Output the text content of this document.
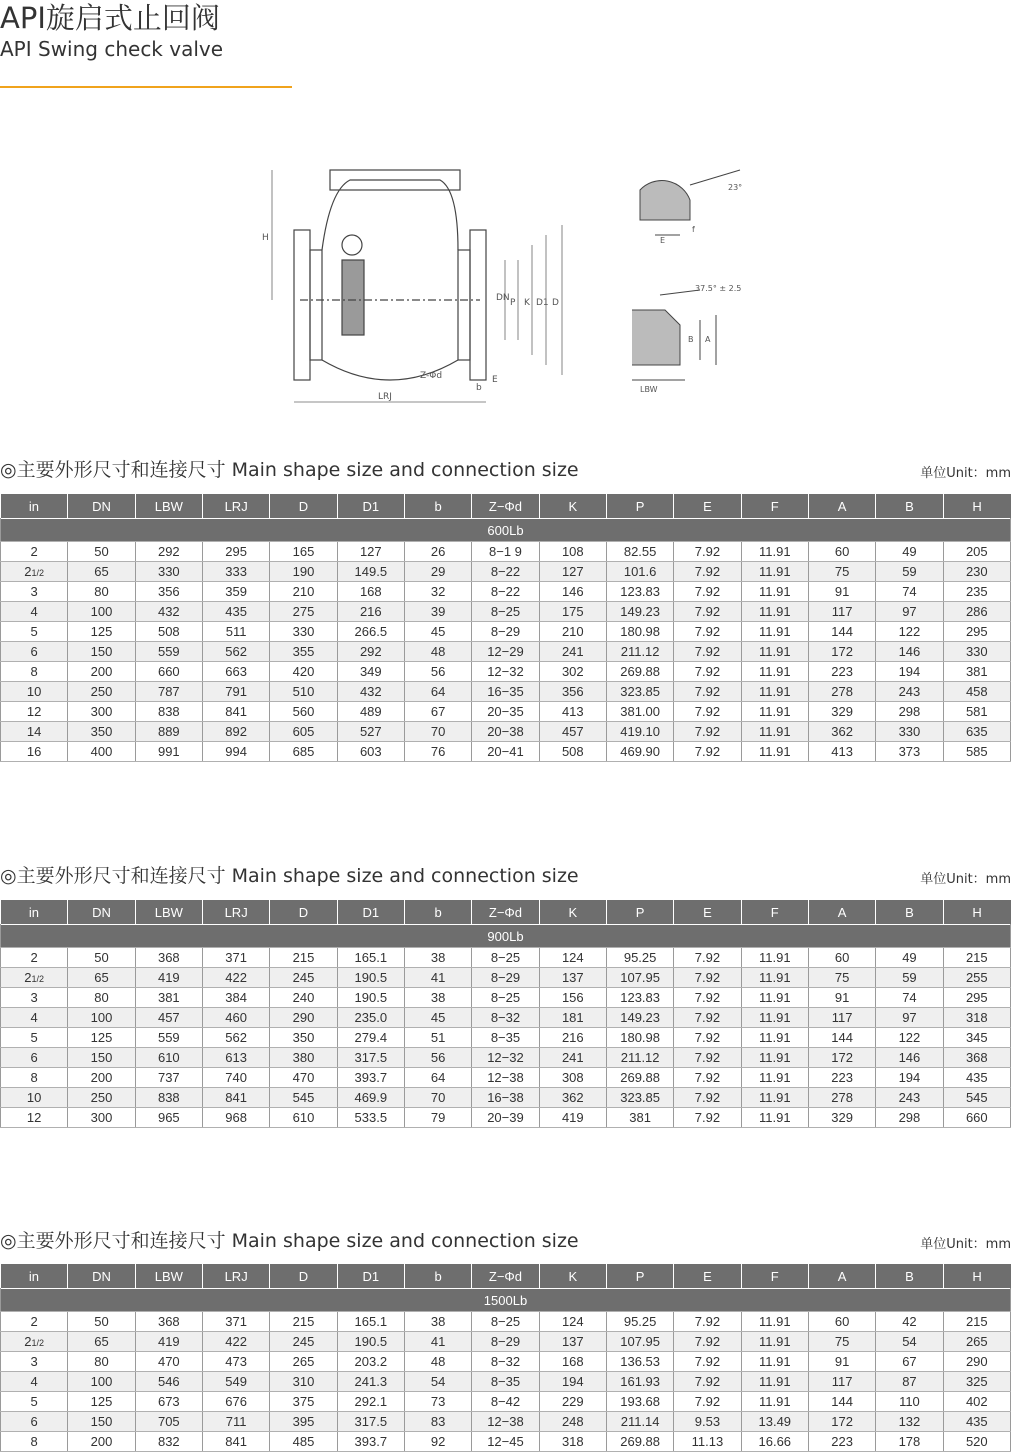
API旋启式止回阀
API Swing check valve
H
DN P K D1 D
Z-Φd
LRJ
b
E
23°
E
f
37.5° ± 2.5
B A
LBW
◎主要外形尺寸和连接尺寸 Main shape size and connection size	单位Unit：mm
in	DN	LBW	LRJ	D	D1	b	Z−Φd	K	P	E	F	A	B	H
600Lb														
2	50	292	295	165	127	26	8−1 9	108	82.55	7.92	11.91	60	49	205
21/2	65	330	333	190	149.5	29	8−22	127	101.6	7.92	11.91	75	59	230
3	80	356	359	210	168	32	8−22	146	123.83	7.92	11.91	91	74	235
4	100	432	435	275	216	39	8−25	175	149.23	7.92	11.91	117	97	286
5	125	508	511	330	266.5	45	8−29	210	180.98	7.92	11.91	144	122	295
6	150	559	562	355	292	48	12−29	241	211.12	7.92	11.91	172	146	330
8	200	660	663	420	349	56	12−32	302	269.88	7.92	11.91	223	194	381
10	250	787	791	510	432	64	16−35	356	323.85	7.92	11.91	278	243	458
12	300	838	841	560	489	67	20−35	413	381.00	7.92	11.91	329	298	581
14	350	889	892	605	527	70	20−38	457	419.10	7.92	11.91	362	330	635
16	400	991	994	685	603	76	20−41	508	469.90	7.92	11.91	413	373	585
◎主要外形尺寸和连接尺寸 Main shape size and connection size	单位Unit：mm
in	DN	LBW	LRJ	D	D1	b	Z−Φd	K	P	E	F	A	B	H
900Lb														
2	50	368	371	215	165.1	38	8−25	124	95.25	7.92	11.91	60	49	215
21/2	65	419	422	245	190.5	41	8−29	137	107.95	7.92	11.91	75	59	255
3	80	381	384	240	190.5	38	8−25	156	123.83	7.92	11.91	91	74	295
4	100	457	460	290	235.0	45	8−32	181	149.23	7.92	11.91	117	97	318
5	125	559	562	350	279.4	51	8−35	216	180.98	7.92	11.91	144	122	345
6	150	610	613	380	317.5	56	12−32	241	211.12	7.92	11.91	172	146	368
8	200	737	740	470	393.7	64	12−38	308	269.88	7.92	11.91	223	194	435
10	250	838	841	545	469.9	70	16−38	362	323.85	7.92	11.91	278	243	545
12	300	965	968	610	533.5	79	20−39	419	381	7.92	11.91	329	298	660
◎主要外形尺寸和连接尺寸 Main shape size and connection size	单位Unit：mm
in	DN	LBW	LRJ	D	D1	b	Z−Φd	K	P	E	F	A	B	H
1500Lb														
2	50	368	371	215	165.1	38	8−25	124	95.25	7.92	11.91	60	42	215
21/2	65	419	422	245	190.5	41	8−29	137	107.95	7.92	11.91	75	54	265
3	80	470	473	265	203.2	48	8−32	168	136.53	7.92	11.91	91	67	290
4	100	546	549	310	241.3	54	8−35	194	161.93	7.92	11.91	117	87	325
5	125	673	676	375	292.1	73	8−42	229	193.68	7.92	11.91	144	110	402
6	150	705	711	395	317.5	83	12−38	248	211.14	9.53	13.49	172	132	435
8	200	832	841	485	393.7	92	12−45	318	269.88	11.13	16.66	223	178	520
